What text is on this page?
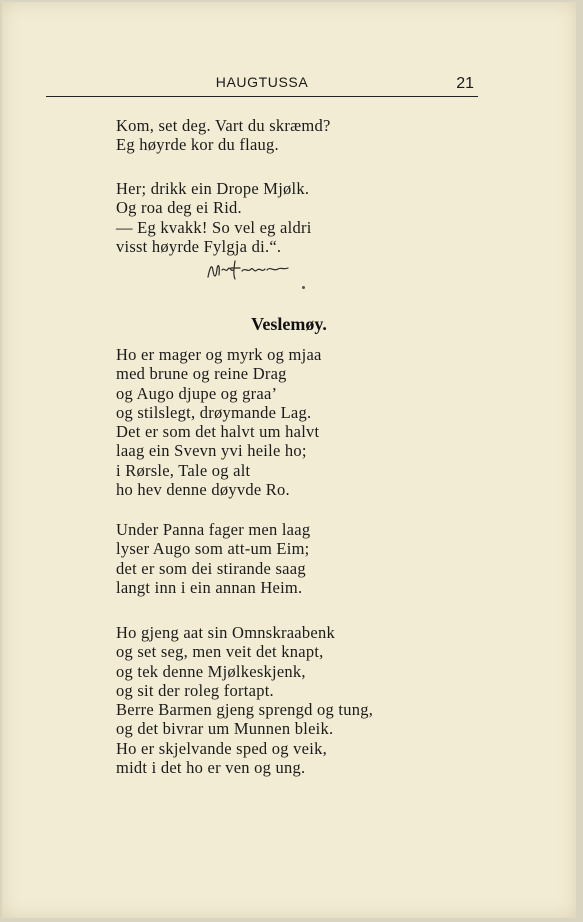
HAUGTUSSA	21
Kom, set deg. Vart du skræmd?
Eg høyrde kor du flaug.
Her; drikk ein Drope Mjølk.
Og roa deg ei Rid.
— Eg kvakk! So vel eg aldri
visst høyrde Fylgja di.“.
Veslemøy.
Ho er mager og myrk og mjaa
med brune og reine Drag
og Augo djupe og graa’
og stilslegt, drøymande Lag.
Det er som det halvt um halvt
laag ein Svevn yvi heile ho;
i Rørsle, Tale og alt
ho hev denne døyvde Ro.
Under Panna fager men laag
lyser Augo som att-um Eim;
det er som dei stirande saag
langt inn i ein annan Heim.
Ho gjeng aat sin Omnskraabenk
og set seg, men veit det knapt,
og tek denne Mjølkeskjenk,
og sit der roleg fortapt.
Berre Barmen gjeng sprengd og tung,
og det bivrar um Munnen bleik.
Ho er skjelvande sped og veik,
midt i det ho er ven og ung.
